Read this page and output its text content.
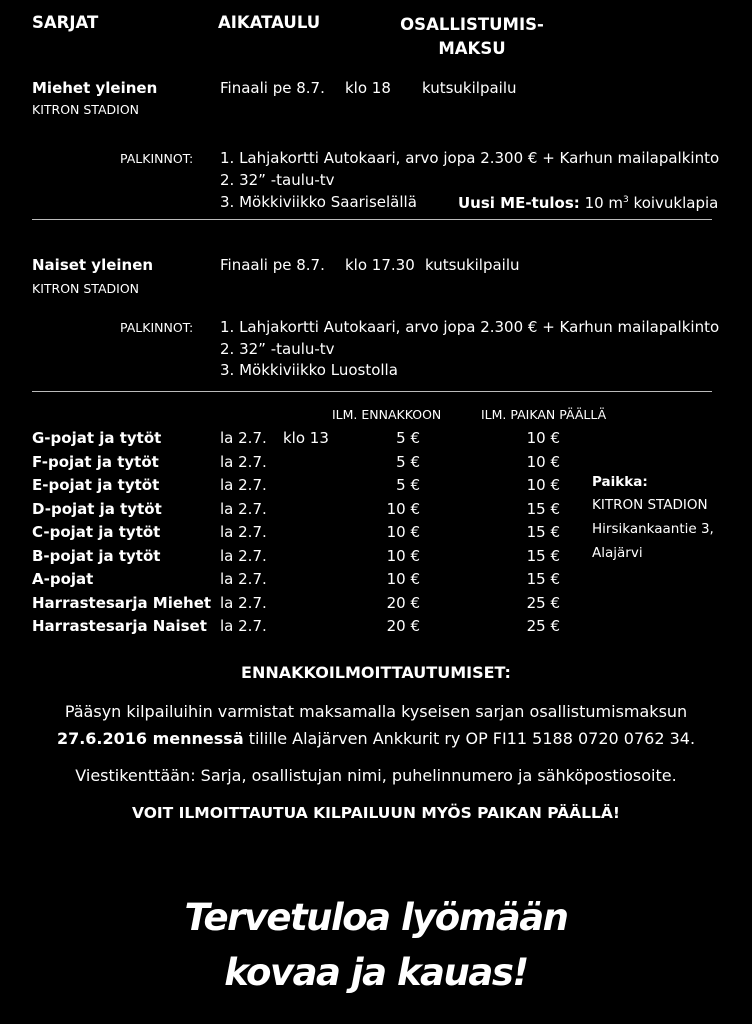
SARJAT	AIKATAULU	OSALLISTUMIS-
MAKSU
Miehet yleinen
KITRON STADION
Finaali pe 8.7. klo 18 kutsukilpailu
PALKINNOT: 1. Lahjakortti Autokaari, arvo jopa 2.300 € + Karhun mailapalkinto
2. 32” -taulu-tv
3. Mökkiviikko Saariselällä	Uusi ME-tulos: 10 $m^3$ koivuklapia
Naiset yleinen
KITRON STADION
Finaali pe 8.7. klo 17.30 kutsukilpailu
PALKINNOT: 1. Lahjakortti Autokaari, arvo jopa 2.300 € + Karhun mailapalkinto
2. 32” -taulu-tv
3. Mökkiviikko Luostolla
ILM. ENNAKKOON	ILM. PAIKAN PÄÄLLÄ
G-pojat ja tytöt	la 2.7. klo 13	5 €	10 €
F-pojat ja tytöt	la 2.7.	5 €	10 €
E-pojat ja tytöt	la 2.7.	5 €	10 €
D-pojat ja tytöt	la 2.7.	10 €	15 €
C-pojat ja tytöt	la 2.7.	10 €	15 €
B-pojat ja tytöt	la 2.7.	10 €	15 €
A-pojat	la 2.7.	10 €	15 €
Harrastesarja Miehet la 2.7.	20 €	25 €
Harrastesarja Naiset la 2.7.	20 €	25 €
Paikka:
KITRON STADION
Hirsikankaantie 3,
Alajärvi
ENNAKKOILMOITTAUTUMISET:
Pääsyn kilpailuihin varmistat maksamalla kyseisen sarjan osallistumismaksun
27.6.2016 mennessä tilille Alajärven Ankkurit ry OP FI11 5188 0720 0762 34.
Viestikenttään: Sarja, osallistujan nimi, puhelinnumero ja sähköpostiosoite.
VOIT ILMOITTAUTUA KILPAILUUN MYÖS PAIKAN PÄÄLLÄ!
Tervetuloa lyömään
kovaa ja kauas!
